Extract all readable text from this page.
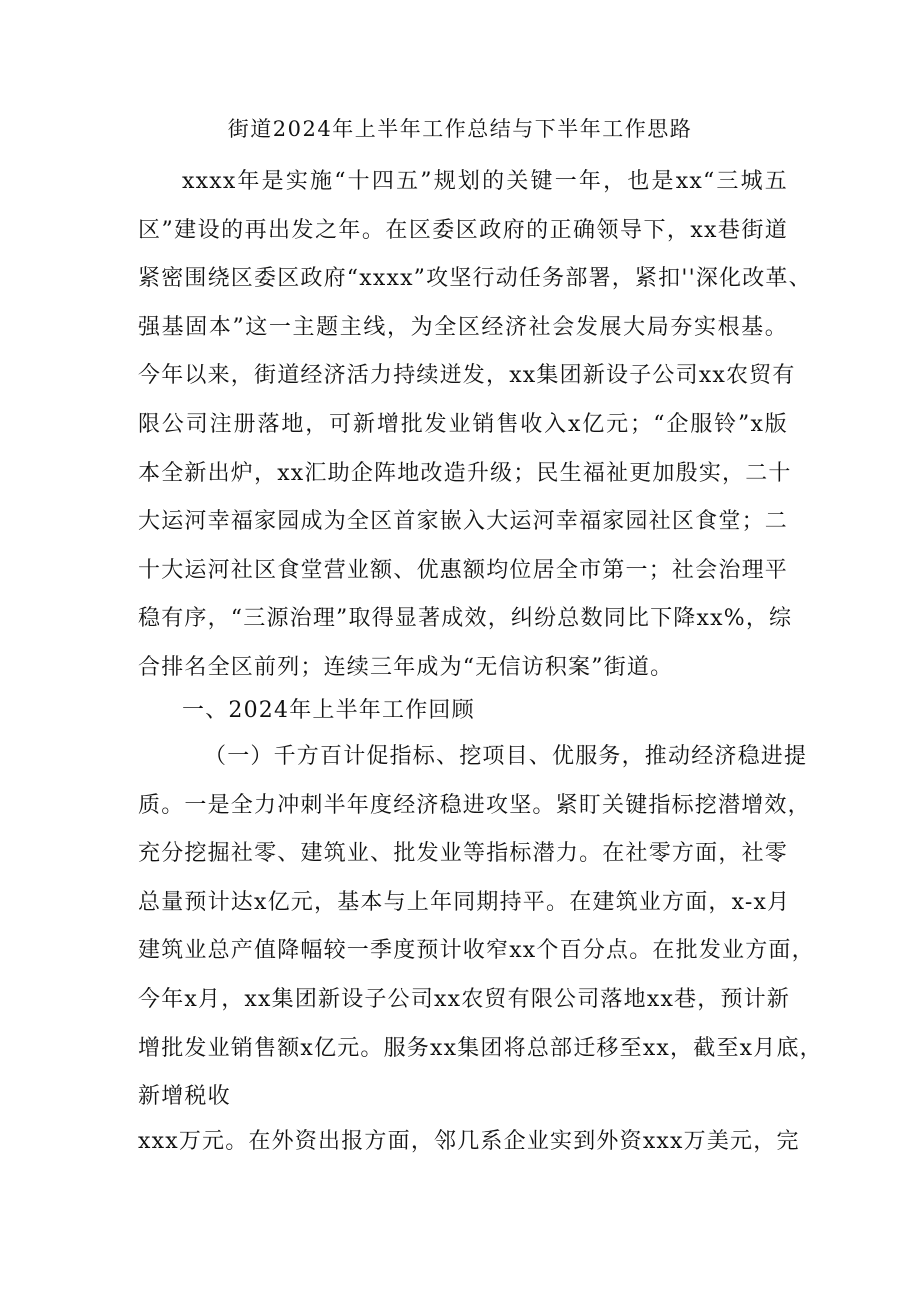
街道2024年上半年工作总结与下半年工作思路
xxxx年是实施“十四五”规划的关键一年，也是xx“三城五
区”建设的再出发之年。在区委区政府的正确领导下，xx巷街道
紧密围绕区委区政府“xxxx”攻坚行动任务部署，紧扣''深化改革、
强基固本”这一主题主线，为全区经济社会发展大局夯实根基。
今年以来，街道经济活力持续迸发，xx集团新设子公司xx农贸有
限公司注册落地，可新增批发业销售收入x亿元；“企服铃”x版
本全新出炉，xx汇助企阵地改造升级；民生福祉更加殷实，二十
大运河幸福家园成为全区首家嵌入大运河幸福家园社区食堂；二
十大运河社区食堂营业额、优惠额均位居全市第一；社会治理平
稳有序，“三源治理”取得显著成效，纠纷总数同比下降xx%，综
合排名全区前列；连续三年成为“无信访积案”街道。
一、2024年上半年工作回顾
（一）千方百计促指标、挖项目、优服务，推动经济稳进提
质。一是全力冲刺半年度经济稳进攻坚。紧盯关键指标挖潜增效，
充分挖掘社零、建筑业、批发业等指标潜力。在社零方面，社零
总量预计达x亿元，基本与上年同期持平。在建筑业方面，x-x月
建筑业总产值降幅较一季度预计收窄xx个百分点。在批发业方面，
今年x月，xx集团新设子公司xx农贸有限公司落地xx巷，预计新
增批发业销售额x亿元。服务xx集团将总部迁移至xx，截至x月底，
新增税收
xxx万元。在外资出报方面，邻几系企业实到外资xxx万美元，完
